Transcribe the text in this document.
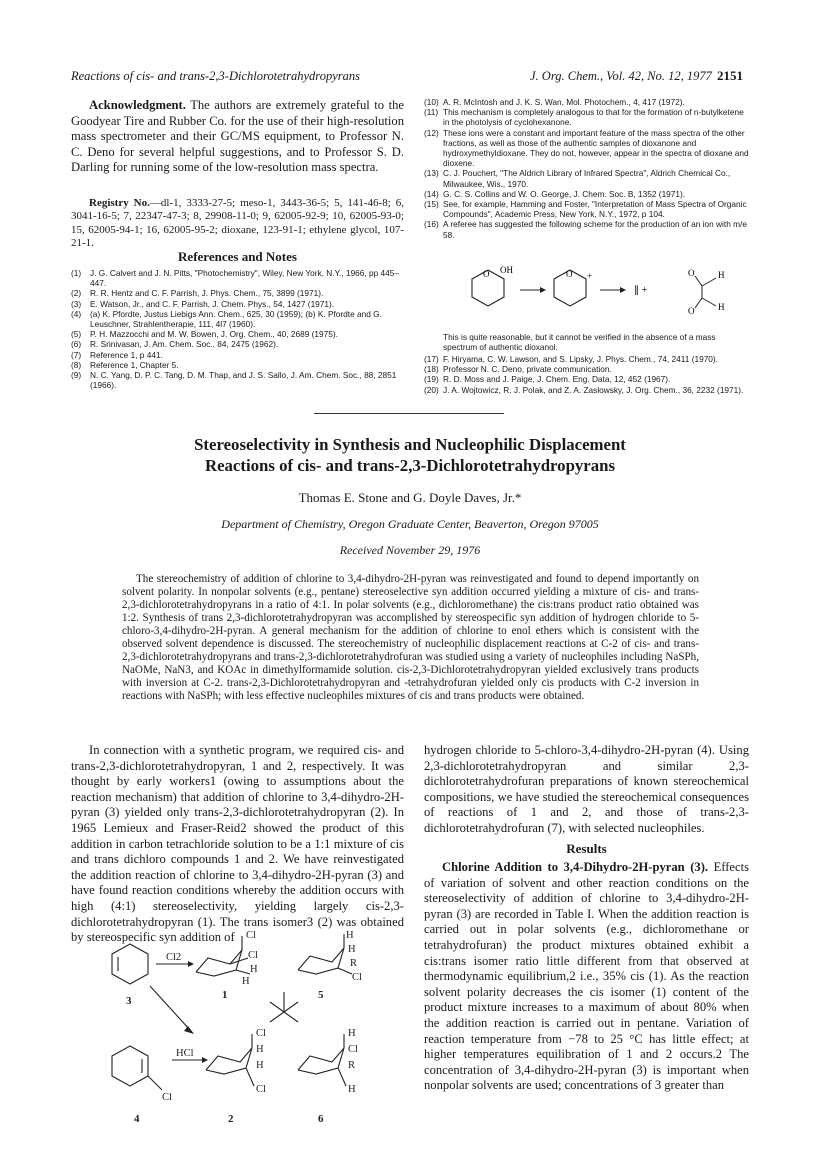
Reactions of cis- and trans-2,3-Dichlorotetrahydropyrans	J. Org. Chem., Vol. 42, No. 12, 1977 2151
Acknowledgment. The authors are extremely grateful to the Goodyear Tire and Rubber Co. for the use of their high-resolution mass spectrometer and their GC/MS equipment, to Professor N. C. Deno for several helpful suggestions, and to Professor S. D. Darling for running some of the low-resolution mass spectra.
Registry No.—dl-1, 3333-27-5; meso-1, 3443-36-5; 5, 141-46-8; 6, 3041-16-5; 7, 22347-47-3; 8, 29908-11-0; 9, 62005-92-9; 10, 62005-93-0; 15, 62005-94-1; 16, 62005-95-2; dioxane, 123-91-1; ethylene glycol, 107-21-1.
References and Notes
(1)	J. G. Calvert and J. N. Pitts, "Photochemistry", Wiley, New York, N.Y., 1966, pp 445–447.
(2)	R. R. Hentz and C. F. Parrish, J. Phys. Chem., 75, 3899 (1971).
(3)	E. Watson, Jr., and C. F. Parrish, J. Chem. Phys., 54, 1427 (1971).
(4)	(a) K. Pfordte, Justus Liebigs Ann. Chem., 625, 30 (1959); (b) K. Pfordte and G. Leuschner, Strahlentherapie, 111, 4l7 (1960).
(5)	P. H. Mazzocchi and M. W. Bowen, J. Org. Chem., 40, 2689 (1975).
(6)	R. Srinivasan, J. Am. Chem. Soc., 84, 2475 (1962).
(7)	Reference 1, p 441.
(8)	Reference 1, Chapter 5.
(9)	N. C. Yang, D. P. C. Tang, D. M. Thap, and J. S. Sallo, J. Am. Chem. Soc., 88, 2851 (1966).
(10) A. R. McIntosh and J. K. S. Wan, Mol. Photochem., 4, 417 (1972).
(11) This mechanism is completely analogous to that for the formation of n-butylketene in the photolysis of cyclohexanone.
(12) These ions were a constant and important feature of the mass spectra of the other fractions, as well as those of the authentic samples of dioxanone and hydroxymethyldioxane. They do not, however, appear in the spectra of dioxane and dioxene.
(13) C. J. Pouchert, "The Aldrich Library of Infrared Spectra", Aldrich Chemical Co., Milwaukee, Wis., 1970.
(14) G. C. S. Collins and W. O. George, J. Chem. Soc. B, 1352 (1971).
(15) See, for example, Hamming and Foster, "Interpretation of Mass Spectra of Organic Compounds", Academic Press, New York, N.Y., 1972, p 104.
(16) A referee has suggested the following scheme for the production of an ion with m/e 58.
O OH	O +
∥ +
O
O
H
H
This is quite reasonable, but it cannot be verified in the absence of a mass spectrum of authentic dioxanol.
(17) F. Hiryama, C. W. Lawson, and S. Lipsky, J. Phys. Chem., 74, 2411 (1970).
(18) Professor N. C. Deno, private communication.
(19) R. D. Moss and J. Paige, J. Chem. Eng. Data, 12, 452 (1967).
(20) J. A. Wojtowicz, R. J. Polak, and Z. A. Zaslowsky, J. Org. Chem., 36, 2232 (1971).
Stereoselectivity in Synthesis and Nucleophilic Displacement
Reactions of cis- and trans-2,3-Dichlorotetrahydropyrans
Thomas E. Stone and G. Doyle Daves, Jr.*
Department of Chemistry, Oregon Graduate Center, Beaverton, Oregon 97005
Received November 29, 1976
The stereochemistry of addition of chlorine to 3,4-dihydro-2H-pyran was reinvestigated and found to depend importantly on solvent polarity. In nonpolar solvents (e.g., pentane) stereoselective syn addition occurred yielding a mixture of cis- and trans-2,3-dichlorotetrahydropyrans in a ratio of 4:1. In polar solvents (e.g., dichloromethane) the cis:trans product ratio obtained was 1:2. Synthesis of trans 2,3-dichlorotetrahydropyran was accomplished by stereospecific syn addition of hydrogen chloride to 5-chloro-3,4-dihydro-2H-pyran. A general mechanism for the addition of chlorine to enol ethers which is consistent with the observed solvent dependence is discussed. The stereochemistry of nucleophilic displacement reactions at C-2 of cis- and trans-2,3-dichlorotetrahydropyrans and trans-2,3-dichlorotetrahydrofuran was studied using a variety of nucleophiles including NaSPh, NaOMe, NaN3, and KOAc in dimethylformamide solution. cis-2,3-Dichlorotetrahydropyran yielded exclusively trans products with inversion at C-2. trans-2,3-Dichlorotetrahydropyran and -tetrahydrofuran yielded only cis products with C-2 inversion in reactions with NaSPh; with less effective nucleophiles mixtures of cis and trans products were obtained.
In connection with a synthetic program, we required cis- and trans-2,3-dichlorotetrahydropyran, 1 and 2, respectively. It was thought by early workers1 (owing to assumptions about the reaction mechanism) that addition of chlorine to 3,4-dihydro-2H-pyran (3) yielded only trans-2,3-dichlorotetrahydropyran (2). In 1965 Lemieux and Fraser-Reid2 showed the product of this addition in carbon tetrachloride solution to be a 1:1 mixture of cis and trans dichloro compounds 1 and 2. We have reinvestigated the addition reaction of chlorine to 3,4-dihydro-2H-pyran (3) and have found reaction conditions whereby the addition occurs with high (4:1) stereoselectivity, yielding largely cis-2,3-dichlorotetrahydropyran (1). The trans isomer3 (2) was obtained by stereospecific syn addition of
Cl2
Cl
Cl
H
H
H
H
R
Cl
Cl
HCl
Cl
H
H
Cl
H
Cl
R
H
3	1	5
4	2	6
hydrogen chloride to 5-chloro-3,4-dihydro-2H-pyran (4). Using 2,3-dichlorotetrahydropyran and similar 2,3-dichlorotetrahydrofuran preparations of known stereochemical compositions, we have studied the stereochemical consequences of reactions of 1 and 2, and those of trans-2,3-dichlorotetrahydrofuran (7), with selected nucleophiles.
Results
Chlorine Addition to 3,4-Dihydro-2H-pyran (3). Effects of variation of solvent and other reaction conditions on the stereoselectivity of addition of chlorine to 3,4-dihydro-2H-pyran (3) are recorded in Table I. When the addition reaction is carried out in polar solvents (e.g., dichloromethane or tetrahydrofuran) the product mixtures obtained exhibit a cis:trans isomer ratio little different from that observed at thermodynamic equilibrium,2 i.e., 35% cis (1). As the reaction solvent polarity decreases the cis isomer (1) content of the product mixture increases to a maximum of about 80% when the addition reaction is carried out in pentane. Variation of reaction temperature from −78 to 25 °C has little effect; at higher temperatures equilibration of 1 and 2 occurs.2 The concentration of 3,4-dihydro-2H-pyran (3) is important when nonpolar solvents are used; concentrations of 3 greater than
